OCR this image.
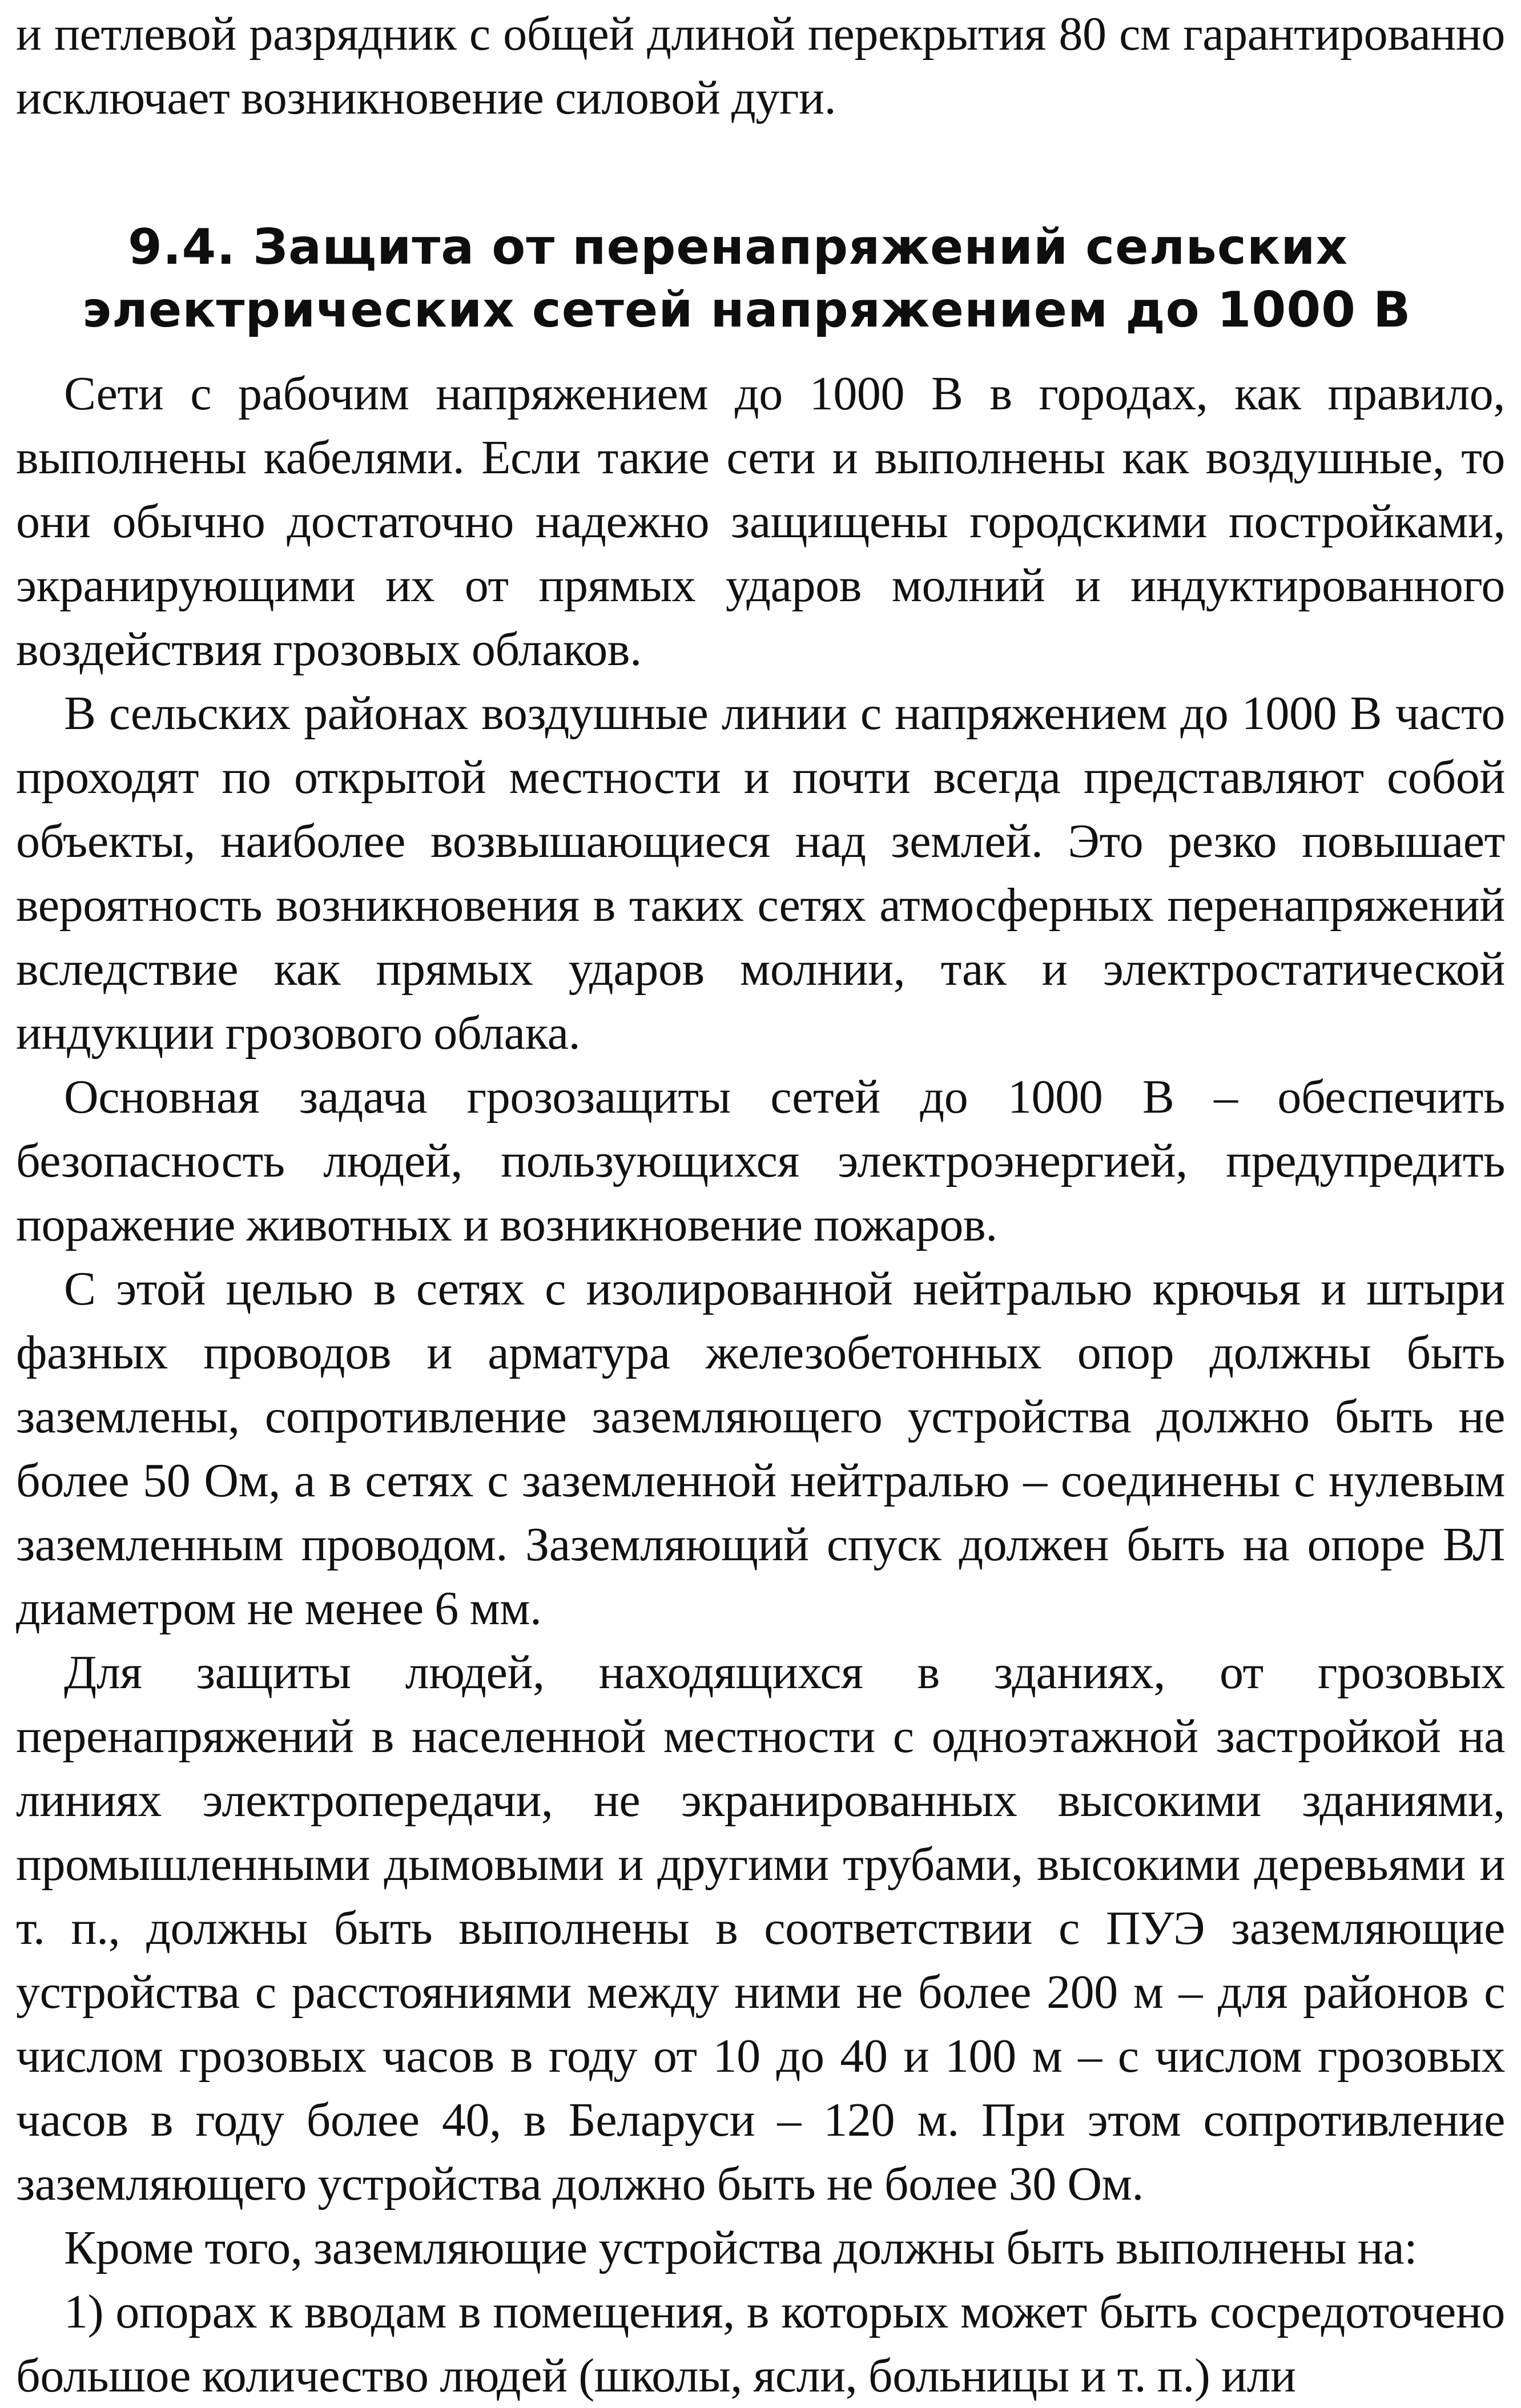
и петлевой разрядник с общей длиной перекрытия 80 см гарантированно исключает возникновение силовой дуги.

9.4. Защита от перенапряжений сельских

электрических сетей напряжением до 1000 В

Сети с рабочим напряжением до 1000 В в городах, как правило, выполнены кабелями. Если такие сети и выполнены как воздушные, то они обычно достаточно надежно защищены городскими постройками, экранирующими их от прямых ударов молний и индуктированного воздействия грозовых облаков.

В сельских районах воздушные линии с напряжением до 1000 В часто проходят по открытой местности и почти всегда представляют собой объекты, наиболее возвышающиеся над землей. Это резко повышает вероятность возникновения в таких сетях атмосферных перенапряжений вследствие как прямых ударов молнии, так и электростатической индукции грозового облака.

Основная задача грозозащиты сетей до 1000 В – обеспечить безопасность людей, пользующихся электроэнергией, предупредить поражение животных и возникновение пожаров.

С этой целью в сетях с изолированной нейтралью крючья и штыри фазных проводов и арматура железобетонных опор должны быть заземлены, сопротивление заземляющего устройства должно быть не более 50 Ом, а в сетях с заземленной нейтралью – соединены с нулевым заземленным проводом. Заземляющий спуск должен быть на опоре ВЛ диаметром не менее 6 мм.

Для защиты людей, находящихся в зданиях, от грозовых перенапряжений в населенной местности с одноэтажной застройкой на линиях электропередачи, не экранированных высокими зданиями, промышленными дымовыми и другими трубами, высокими деревьями и т. п., должны быть выполнены в соответствии с ПУЭ заземляющие устройства с расстояниями между ними не более 200 м – для районов с числом грозовых часов в году от 10 до 40 и 100 м – с числом грозовых часов в году более 40, в Беларуси – 120 м. При этом сопротивление заземляющего устройства должно быть не более 30 Ом.

Кроме того, заземляющие устройства должны быть выполнены на:

1) опорах к вводам в помещения, в которых может быть сосредоточено большое количество людей (школы, ясли, больницы и т. п.) или
